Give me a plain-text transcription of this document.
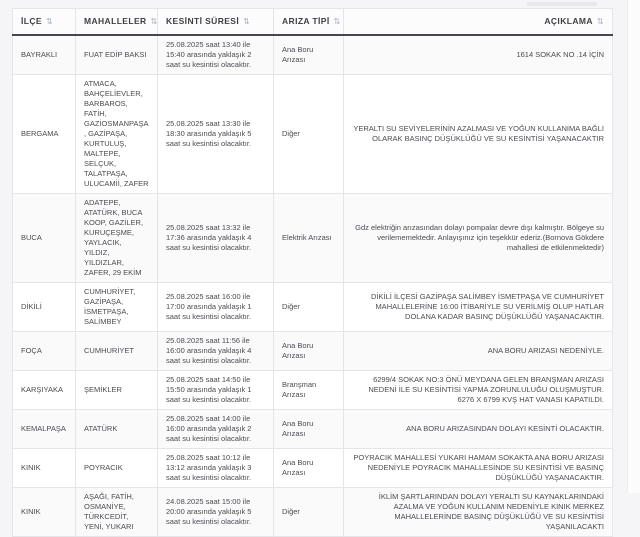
İLÇE ⇅	MAHALLELER ⇅	KESİNTİ SÜRESİ ⇅	ARIZA TİPİ ⇅	AÇIKLAMA ⇅
BAYRAKLI	FUAT EDİP BAKSI	25.08.2025 saat 13:40 ile 15:40 arasında yaklaşık 2 saat su kesintisi olacaktır.	Ana Boru Arızası	1614 SOKAK NO .14 İÇİN
BERGAMA	ATMACA, BAHÇELİEVLER, BARBAROS, FATİH, GAZİOSMANPAŞA, GAZİPAŞA, KURTULUŞ, MALTEPE, SELÇUK, TALATPAŞA, ULUCAMİİ, ZAFER	25.08.2025 saat 13:30 ile 18:30 arasında yaklaşık 5 saat su kesintisi olacaktır.	Diğer	YERALTI SU SEVİYELERİNİN AZALMASI VE YOĞUN KULLANIMA BAĞLI OLARAK BASINÇ DÜŞÜKLÜĞÜ VE SU KESİNTİSİ YAŞANACAKTIR
BUCA	ADATEPE, ATATÜRK, BUCA KOOP, GAZİLER, KURUÇEŞME, YAYLACIK, YILDIZ, YILDIZLAR, ZAFER, 29 EKİM	25.08.2025 saat 13:32 ile 17:36 arasında yaklaşık 4 saat su kesintisi olacaktır.	Elektrik Arızası	Gdz elektriğin arızasından dolayı pompalar devre dışı kalmıştır. Bölgeye su verilememektedir. Anlayışınız için teşekkür ederiz.(Bornova Gökdere mahallesi de etkilenmektedir)
DİKİLİ	CUMHURİYET, GAZİPAŞA, İSMETPAŞA, SALİMBEY	25.08.2025 saat 16:00 ile 17:00 arasında yaklaşık 1 saat su kesintisi olacaktır.	Diğer	DİKİLİ İLÇESİ GAZİPAŞA SALİMBEY İSMETPAŞA VE CUMHURİYET MAHALLELERİNE 16:00 İTİBARİYLE SU VERİLMİŞ OLUP HATLAR DOLANA KADAR BASINÇ DÜŞÜKLÜĞÜ YAŞANACAKTIR.
FOÇA	CUMHURİYET	25.08.2025 saat 11:56 ile 16:00 arasında yaklaşık 4 saat su kesintisi olacaktır.	Ana Boru Arızası	ANA BORU ARIZASI NEDENİYLE.
KARŞIYAKA	ŞEMİKLER	25.08.2025 saat 14:50 ile 15:50 arasında yaklaşık 1 saat su kesintisi olacaktır.	Branşman Arızası	6299/4 SOKAK NO:3 ÖNÜ MEYDANA GELEN BRANŞMAN ARIZASI NEDENİ İLE SU KESİNTİSİ YAPMA ZORUNLULUĞU OLUŞMUŞTUR. 6276 X 6799 KVŞ HAT VANASI KAPATILDI.
KEMALPAŞA	ATATÜRK	25.08.2025 saat 14:00 ile 16:00 arasında yaklaşık 2 saat su kesintisi olacaktır.	Ana Boru Arızası	ANA BORU ARIZASINDAN DOLAYI KESİNTİ OLACAKTIR.
KINIK	POYRACIK	25.08.2025 saat 10:12 ile 13:12 arasında yaklaşık 3 saat su kesintisi olacaktır.	Ana Boru Arızası	POYRACIK MAHALLESİ YUKARI HAMAM SOKAKTA ANA BORU ARIZASI NEDENİYLE POYRACIK MAHALLESİNDE SU KESİNTİSİ VE BASINÇ DÜŞÜKLÜĞÜ YAŞANACAKTIR.
KINIK	AŞAĞI, FATİH, OSMANİYE, TÜRKCEDİT, YENİ, YUKARI	24.08.2025 saat 15:00 ile 20:00 arasında yaklaşık 5 saat su kesintisi olacaktır.	Diğer	İKLİM ŞARTLARINDAN DOLAYI YERALTI SU KAYNAKLARINDAKİ AZALMA VE YOĞUN KULLANIM NEDENİYLE KINIK MERKEZ MAHALLELERİNDE BASINÇ DÜŞÜKLÜĞÜ VE SU KESİNTİSİ YAŞANILACAKTI
